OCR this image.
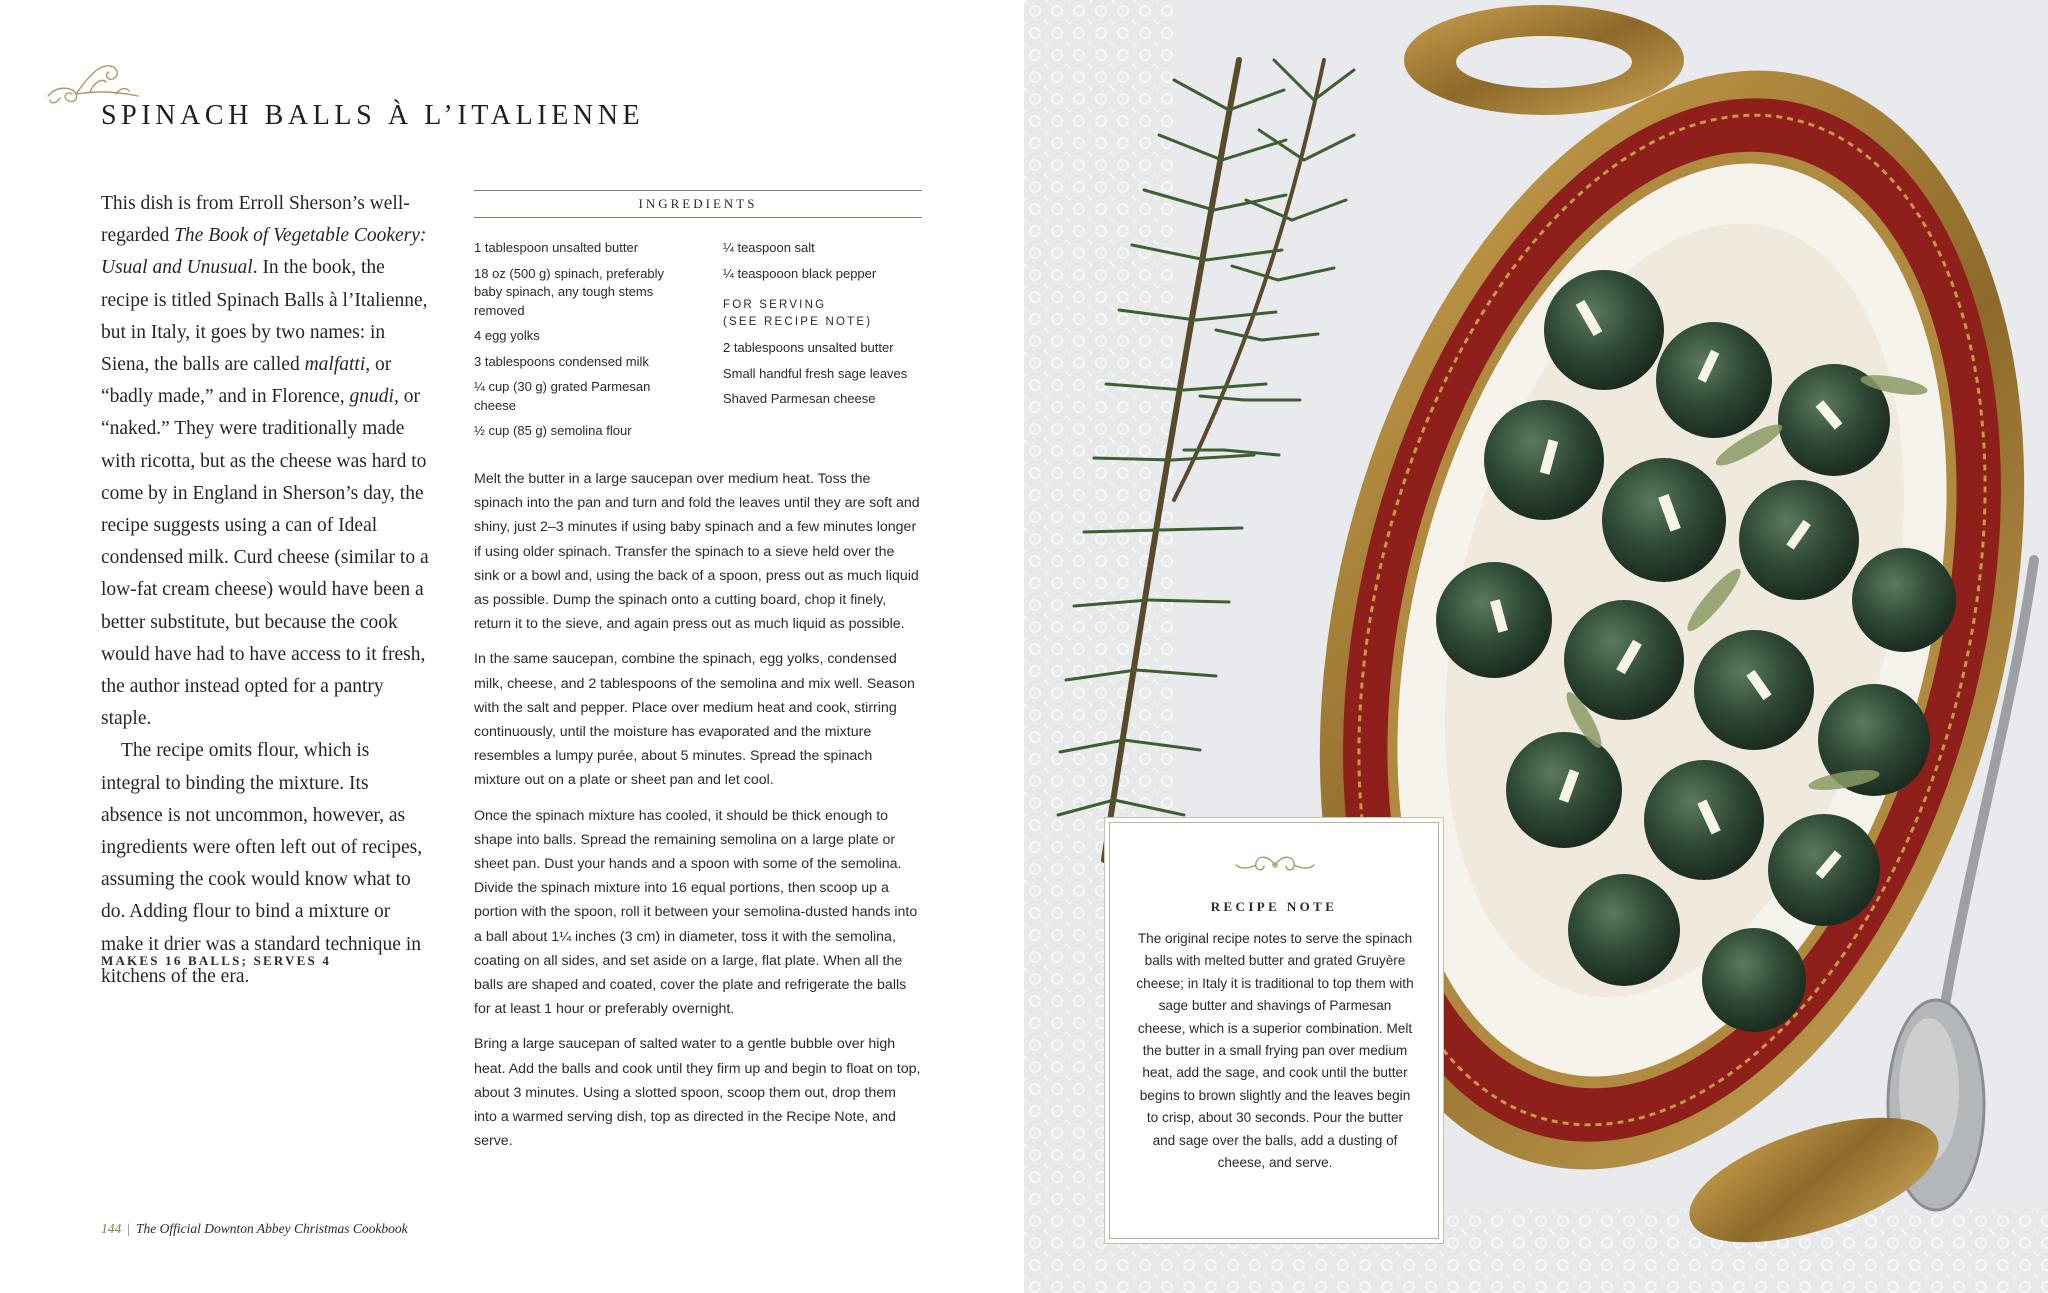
SPINACH BALLS À L’ITALIENNE

This dish is from Erroll Sherson’s well-regarded The Book of Vegetable Cookery: Usual and Unusual. In the book, the recipe is titled Spinach Balls à l’Italienne, but in Italy, it goes by two names: in Siena, the balls are called malfatti, or “badly made,” and in Florence, gnudi, or “naked.” They were traditionally made with ricotta, but as the cheese was hard to come by in England in Sherson’s day, the recipe suggests using a can of Ideal condensed milk. Curd cheese (similar to a low-fat cream cheese) would have been a better substitute, but because the cook would have had to have access to it fresh, the author instead opted for a pantry staple.

The recipe omits flour, which is integral to binding the mixture. Its absence is not uncommon, however, as ingredients were often left out of recipes, assuming the cook would know what to do. Adding flour to bind a mixture or make it drier was a standard technique in kitchens of the era.

MAKES 16 BALLS; SERVES 4
INGREDIENTS
1 tablespoon unsalted butter
18 oz (500 g) spinach, preferably baby spinach, any tough stems removed
4 egg yolks
3 tablespoons condensed milk
¼ cup (30 g) grated Parmesan cheese
½ cup (85 g) semolina flour
¼ teaspoon salt
¼ teaspooon black pepper
FOR SERVING
(SEE RECIPE NOTE)
2 tablespoons unsalted butter
Small handful fresh sage leaves
Shaved Parmesan cheese

Melt the butter in a large saucepan over medium heat. Toss the spinach into the pan and turn and fold the leaves until they are soft and shiny, just 2–3 minutes if using baby spinach and a few minutes longer if using older spinach. Transfer the spinach to a sieve held over the sink or a bowl and, using the back of a spoon, press out as much liquid as possible. Dump the spinach onto a cutting board, chop it finely, return it to the sieve, and again press out as much liquid as possible.

In the same saucepan, combine the spinach, egg yolks, condensed milk, cheese, and 2 tablespoons of the semolina and mix well. Season with the salt and pepper. Place over medium heat and cook, stirring continuously, until the moisture has evaporated and the mixture resembles a lumpy purée, about 5 minutes. Spread the spinach mixture out on a plate or sheet pan and let cool.

Once the spinach mixture has cooled, it should be thick enough to shape into balls. Spread the remaining semolina on a large plate or sheet pan. Dust your hands and a spoon with some of the semolina. Divide the spinach mixture into 16 equal portions, then scoop up a portion with the spoon, roll it between your semolina-dusted hands into a ball about 1¼ inches (3 cm) in diameter, toss it with the semolina, coating on all sides, and set aside on a large, flat plate. When all the balls are shaped and coated, cover the plate and refrigerate the balls for at least 1 hour or preferably overnight.

Bring a large saucepan of salted water to a gentle bubble over high heat. Add the balls and cook until they firm up and begin to float on top, about 3 minutes. Using a slotted spoon, scoop them out, drop them into a warmed serving dish, top as directed in the Recipe Note, and serve.

144 | The Official Downton Abbey Christmas Cookbook
RECIPE NOTE
The original recipe notes to serve the spinach balls with melted butter and grated Gruyère cheese; in Italy it is traditional to top them with sage butter and shavings of Parmesan cheese, which is a superior combination. Melt the butter in a small frying pan over medium heat, add the sage, and cook until the butter begins to brown slightly and the leaves begin to crisp, about 30 seconds. Pour the butter and sage over the balls, add a dusting of cheese, and serve.
